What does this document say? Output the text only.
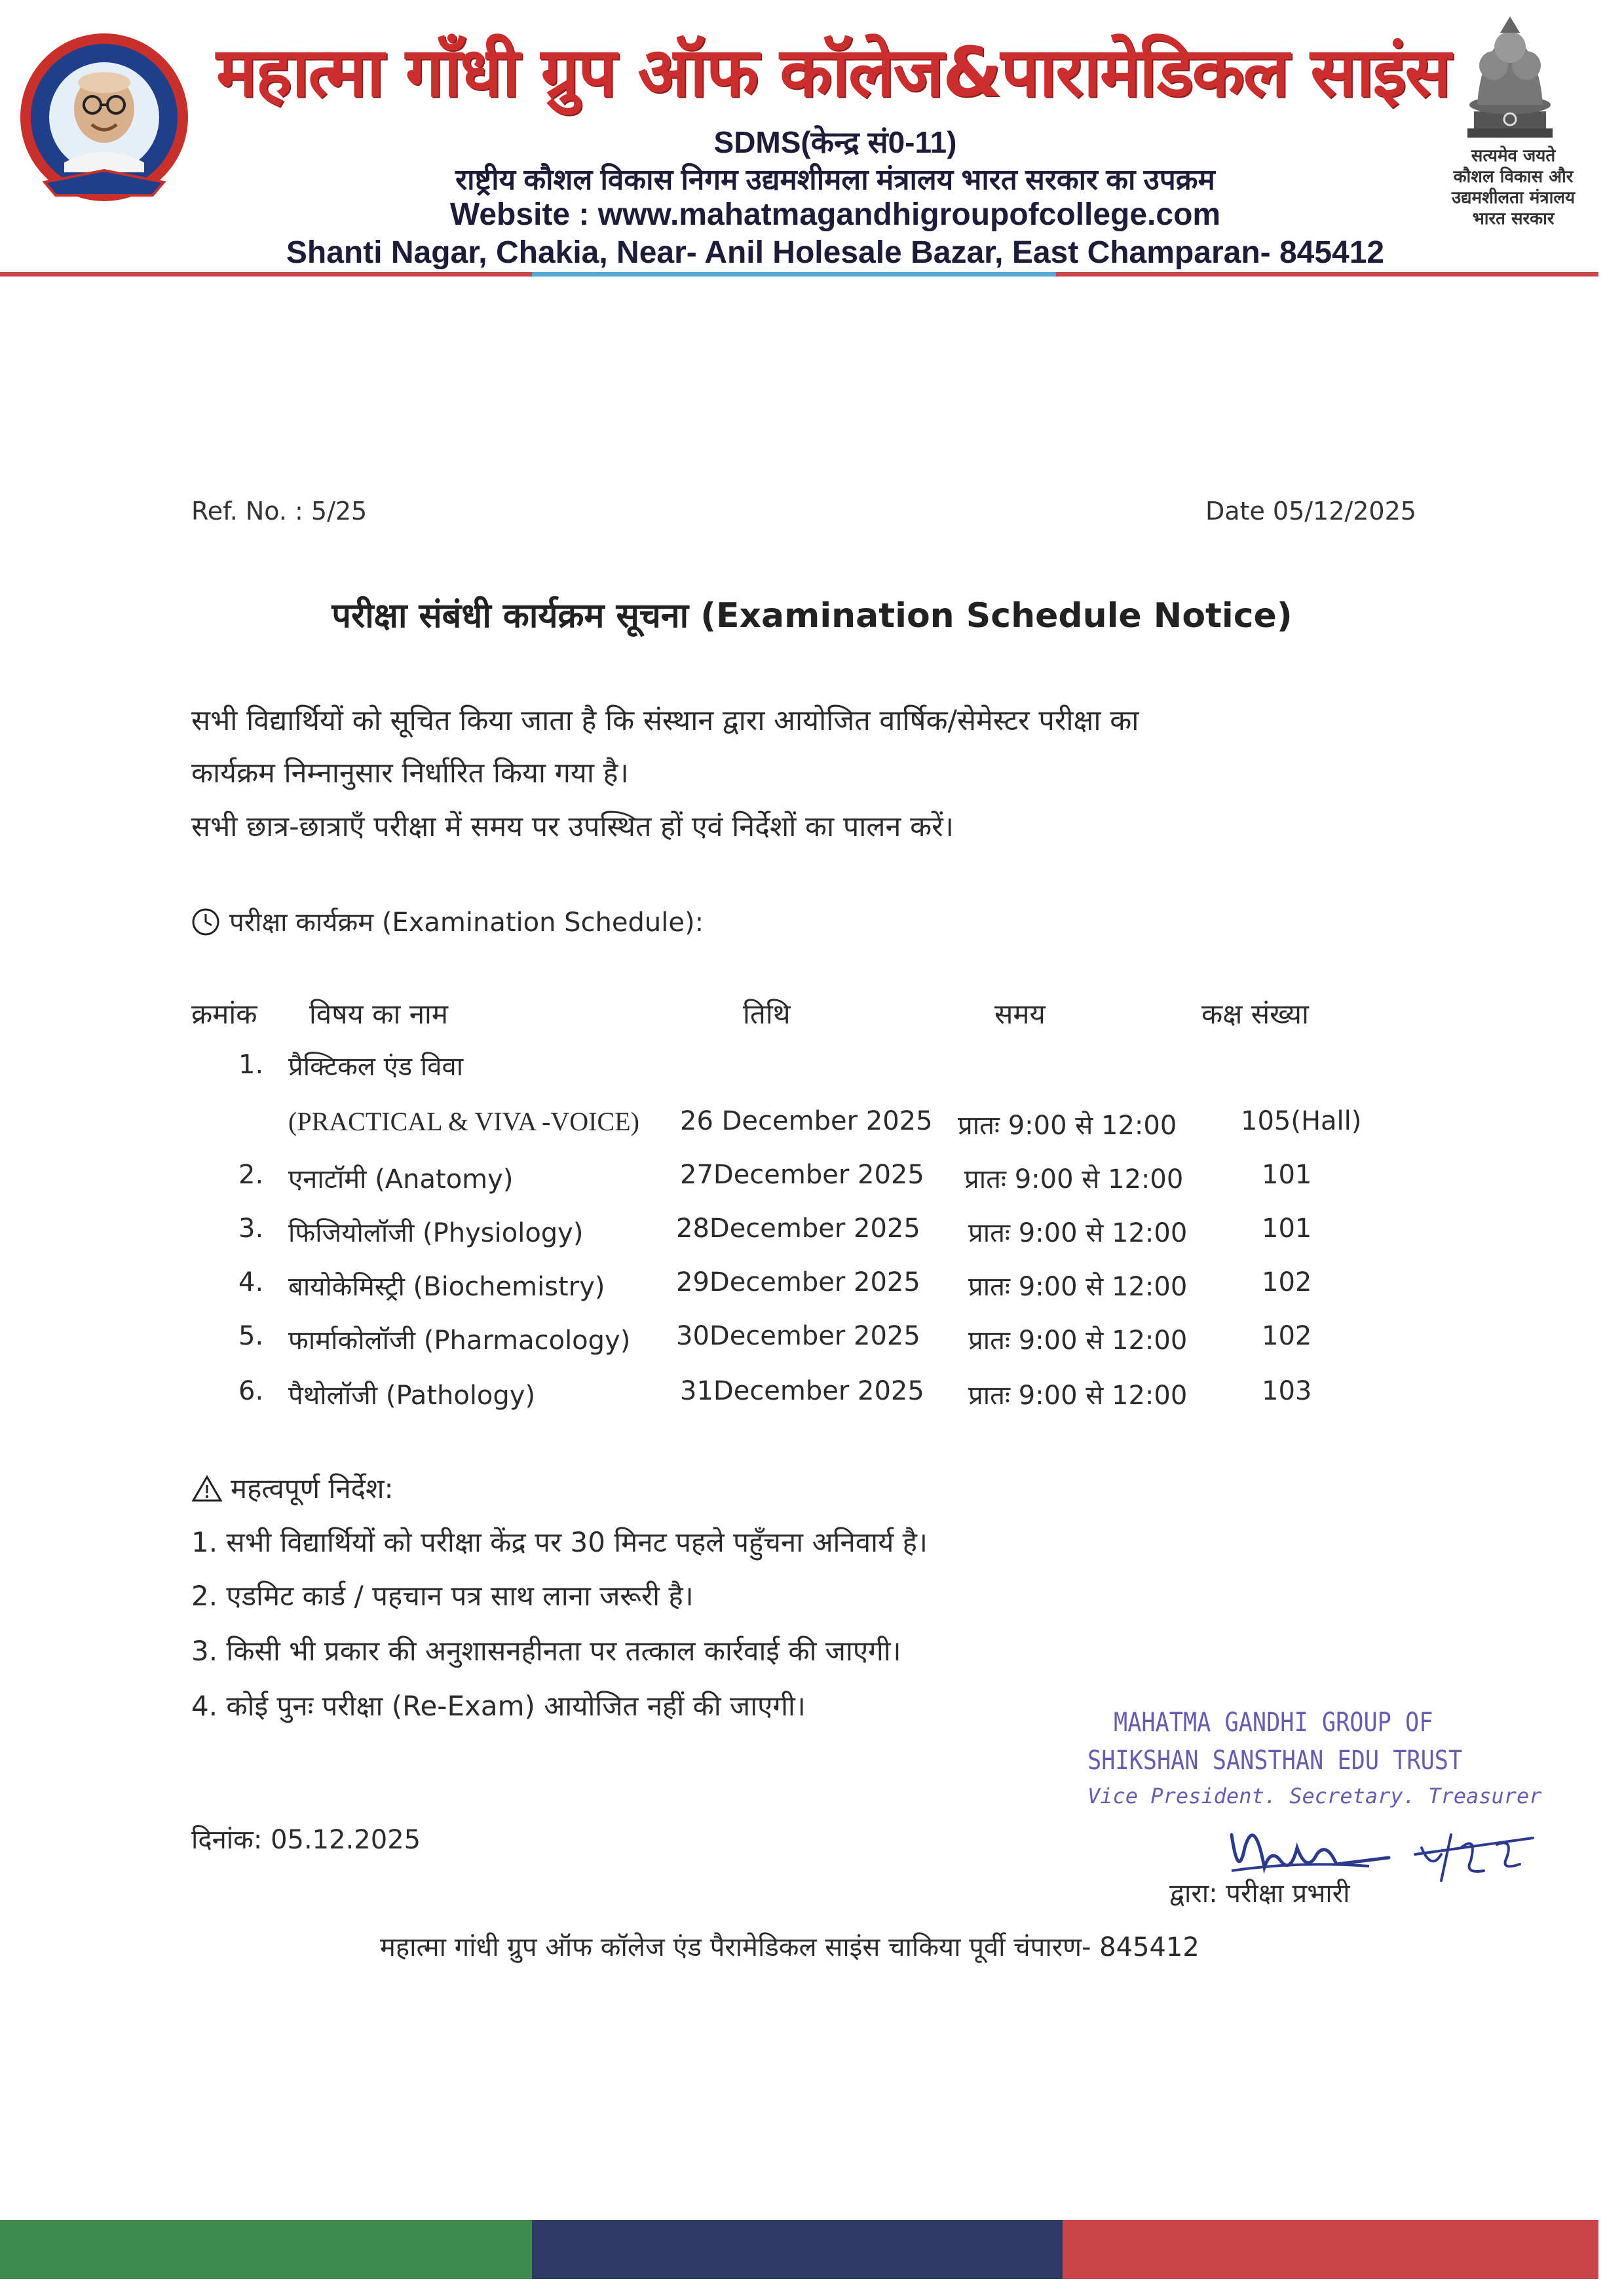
महात्मा गाँधी ग्रुप ऑफ कॉलेज&पारामेडिकल साइंस
SDMS(केन्द्र सं0-11)
राष्ट्रीय कौशल विकास निगम उद्यमशीमला मंत्रालय भारत सरकार का उपक्रम
Website : www.mahatmagandhigroupofcollege.com
Shanti Nagar, Chakia, Near- Anil Holesale Bazar, East Champaran- 845412
सत्यमेव जयते
कौशल विकास और
उद्यमशीलता मंत्रालय
भारत सरकार
Ref. No. : 5/25	Date 05/12/2025
परीक्षा संबंधी कार्यक्रम सूचना (Examination Schedule Notice)
सभी विद्यार्थियों को सूचित किया जाता है कि संस्थान द्वारा आयोजित वार्षिक/सेमेस्टर परीक्षा का
कार्यक्रम निम्नानुसार निर्धारित किया गया है।
सभी छात्र-छात्राएँ परीक्षा में समय पर उपस्थित हों एवं निर्देशों का पालन करें।
परीक्षा कार्यक्रम (Examination Schedule):
क्रमांक विषय का नाम	तिथि	समय	कक्ष संख्या
1. प्रैक्टिकल एंड विवा
(PRACTICAL & VIVA -VOICE) 26 December 2025 प्रातः 9:00 से 12:00 105(Hall)
2. एनाटॉमी (Anatomy)	27December 2025 प्रातः 9:00 से 12:00	101
3. फिजियोलॉजी (Physiology)	28December 2025 प्रातः 9:00 से 12:00	101
4. बायोकेमिस्ट्री (Biochemistry)	29December 2025 प्रातः 9:00 से 12:00	102
5. फार्माकोलॉजी (Pharmacology) 30December 2025 प्रातः 9:00 से 12:00	102
6. पैथोलॉजी (Pathology)	31December 2025 प्रातः 9:00 से 12:00	103
महत्वपूर्ण निर्देश:
1. सभी विद्यार्थियों को परीक्षा केंद्र पर 30 मिनट पहले पहुँचना अनिवार्य है।
2. एडमिट कार्ड / पहचान पत्र साथ लाना जरूरी है।
3. किसी भी प्रकार की अनुशासनहीनता पर तत्काल कार्रवाई की जाएगी।
4. कोई पुनः परीक्षा (Re-Exam) आयोजित नहीं की जाएगी।
दिनांक: 05.12.2025
MAHATMA GANDHI GROUP OF
SHIKSHAN SANSTHAN EDU TRUST
Vice President. Secretary. Treasurer
द्वारा: परीक्षा प्रभारी
महात्मा गांधी ग्रुप ऑफ कॉलेज एंड पैरामेडिकल साइंस चाकिया पूर्वी चंपारण- 845412
